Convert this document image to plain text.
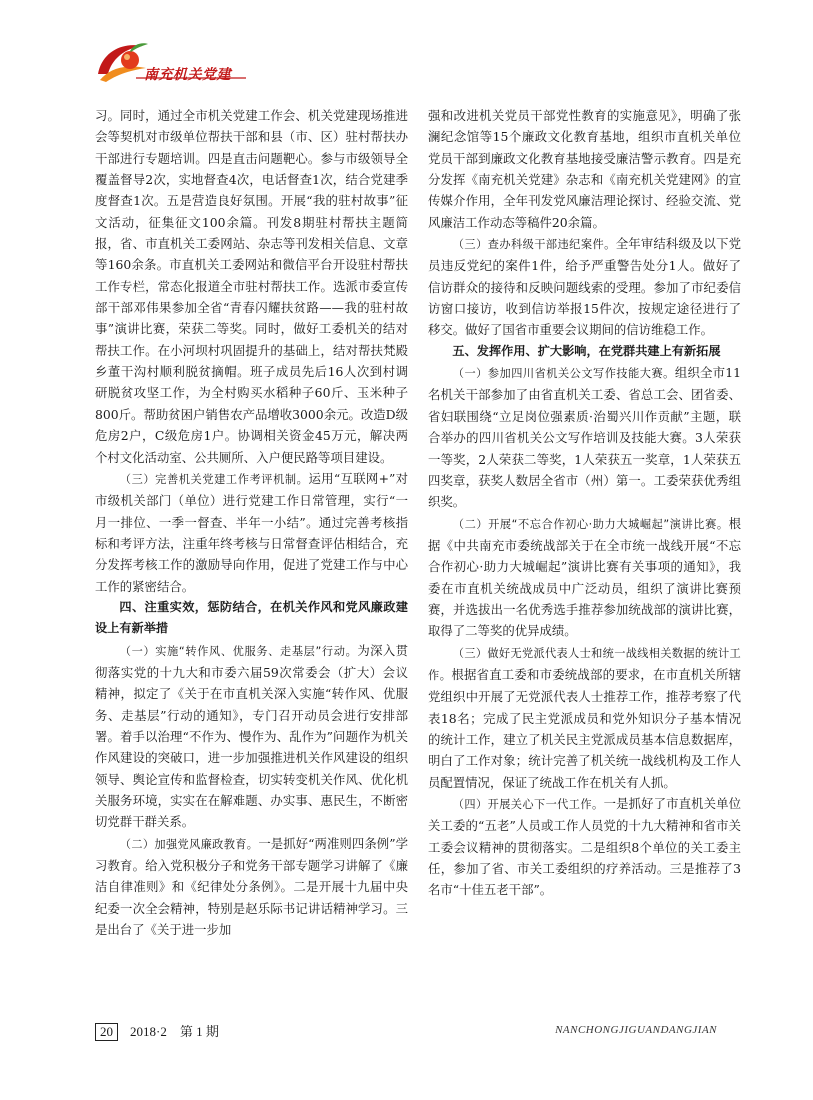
南充机关党建

习。同时，通过全市机关党建工作会、机关党建现场推进会等契机对市级单位帮扶干部和县（市、区）驻村帮扶办干部进行专题培训。四是直击问题靶心。参与市级领导全覆盖督导2次，实地督查4次，电话督查1次，结合党建季度督查1次。五是营造良好氛围。开展“我的驻村故事”征文活动，征集征文100余篇。刊发8期驻村帮扶主题简报，省、市直机关工委网站、杂志等刊发相关信息、文章等160余条。市直机关工委网站和微信平台开设驻村帮扶工作专栏，常态化报道全市驻村帮扶工作。选派市委宣传部干部邓伟果参加全省“青春闪耀扶贫路——我的驻村故事”演讲比赛，荣获二等奖。同时，做好工委机关的结对帮扶工作。在小河坝村巩固提升的基础上，结对帮扶梵殿乡董干沟村顺利脱贫摘帽。班子成员先后16人次到村调研脱贫攻坚工作，为全村购买水稻种子60斤、玉米种子800斤。帮助贫困户销售农产品增收3000余元。改造D级危房2户，C级危房1户。协调相关资金45万元，解决两个村文化活动室、公共厕所、入户便民路等项目建设。

（三）完善机关党建工作考评机制。运用“互联网+”对市级机关部门（单位）进行党建工作日常管理，实行“一月一排位、一季一督查、半年一小结”。通过完善考核指标和考评方法，注重年终考核与日常督查评估相结合，充分发挥考核工作的激励导向作用，促进了党建工作与中心工作的紧密结合。

四、注重实效，惩防结合，在机关作风和党风廉政建设上有新举措

（一）实施“转作风、优服务、走基层”行动。为深入贯彻落实党的十九大和市委六届59次常委会（扩大）会议精神，拟定了《关于在市直机关深入实施“转作风、优服务、走基层”行动的通知》，专门召开动员会进行安排部署。着手以治理“不作为、慢作为、乱作为”问题作为机关作风建设的突破口，进一步加强推进机关作风建设的组织领导、舆论宣传和监督检查，切实转变机关作风、优化机关服务环境，实实在在解难题、办实事、惠民生，不断密切党群干群关系。

（二）加强党风廉政教育。一是抓好“两准则四条例”学习教育。给入党积极分子和党务干部专题学习讲解了《廉洁自律准则》和《纪律处分条例》。二是开展十九届中央纪委一次全会精神，特别是赵乐际书记讲话精神学习。三是出台了《关于进一步加

强和改进机关党员干部党性教育的实施意见》，明确了张澜纪念馆等15个廉政文化教育基地，组织市直机关单位党员干部到廉政文化教育基地接受廉洁警示教育。四是充分发挥《南充机关党建》杂志和《南充机关党建网》的宣传媒介作用，全年刊发党风廉洁理论探讨、经验交流、党风廉洁工作动态等稿件20余篇。

（三）查办科级干部违纪案件。全年审结科级及以下党员违反党纪的案件1件，给予严重警告处分1人。做好了信访群众的接待和反映问题线索的受理。参加了市纪委信访窗口接访，收到信访举报15件次，按规定途径进行了移交。做好了国省市重要会议期间的信访维稳工作。

五、发挥作用、扩大影响，在党群共建上有新拓展

（一）参加四川省机关公文写作技能大赛。组织全市11名机关干部参加了由省直机关工委、省总工会、团省委、省妇联围绕“立足岗位强素质·治蜀兴川作贡献”主题，联合举办的四川省机关公文写作培训及技能大赛。3人荣获一等奖，2人荣获二等奖，1人荣获五一奖章，1人荣获五四奖章，获奖人数居全省市（州）第一。工委荣获优秀组织奖。

（二）开展“不忘合作初心·助力大城崛起”演讲比赛。根据《中共南充市委统战部关于在全市统一战线开展“不忘合作初心·助力大城崛起”演讲比赛有关事项的通知》，我委在市直机关统战成员中广泛动员，组织了演讲比赛预赛，并选拔出一名优秀选手推荐参加统战部的演讲比赛，取得了二等奖的优异成绩。

（三）做好无党派代表人士和统一战线相关数据的统计工作。根据省直工委和市委统战部的要求，在市直机关所辖党组织中开展了无党派代表人士推荐工作，推荐考察了代表18名；完成了民主党派成员和党外知识分子基本情况的统计工作，建立了机关民主党派成员基本信息数据库，明白了工作对象；统计完善了机关统一战线机构及工作人员配置情况，保证了统战工作在机关有人抓。

（四）开展关心下一代工作。一是抓好了市直机关单位关工委的“五老”人员或工作人员党的十九大精神和省市关工委会议精神的贯彻落实。二是组织8个单位的关工委主任，参加了省、市关工委组织的疗养活动。三是推荐了3名市“十佳五老干部”。

20 2018·2　第 1 期	NANCHONGJIGUANDANGJIAN
